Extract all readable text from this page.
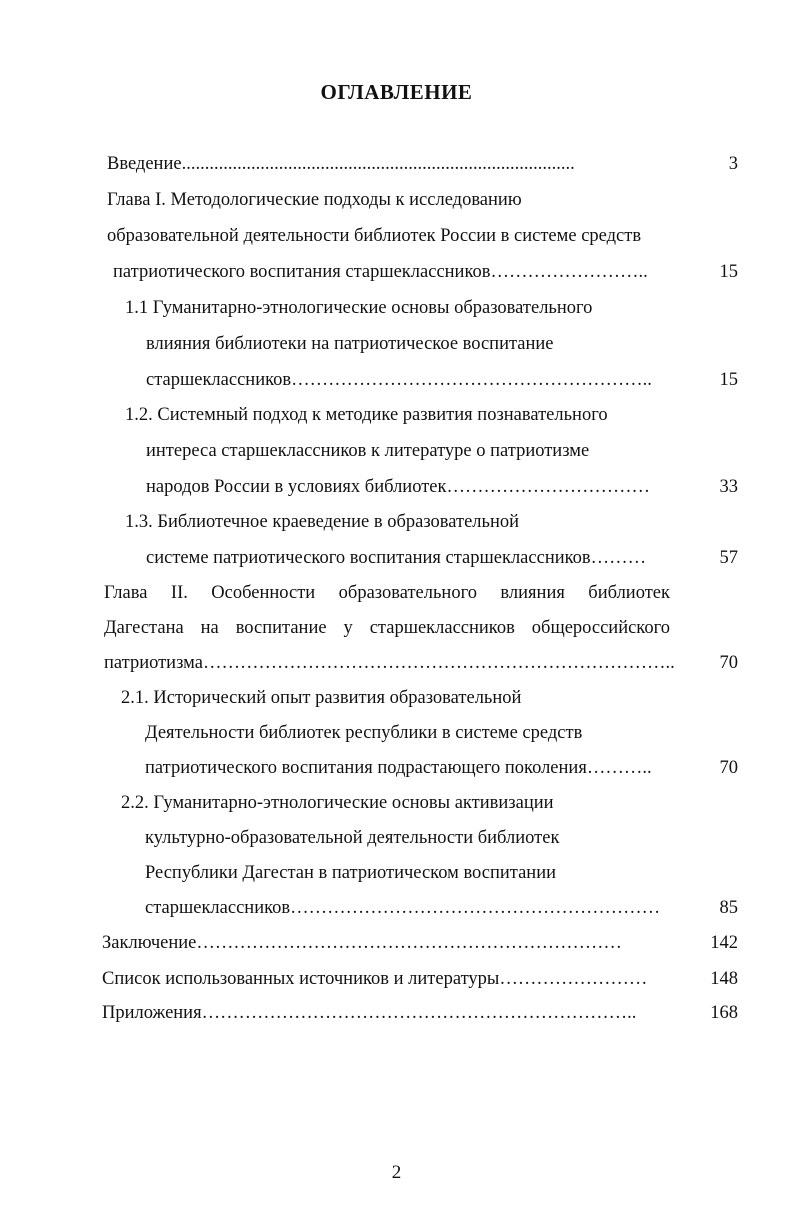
ОГЛАВЛЕНИЕ
Введение.....................................................................................	3
Глава I. Методологические подходы к исследованию
образовательной деятельности библиотек России в системе средств
патриотического воспитания старшеклассников……………………..	15
1.1 Гуманитарно-этнологические основы образовательного
влияния библиотеки на патриотическое воспитание
старшеклассников…………………………………………………..	15
1.2. Системный подход к методике развития познавательного
интереса старшеклассников к литературе о патриотизме
народов России в условиях библиотек……………………………	33
1.3. Библиотечное краеведение в образовательной
системе патриотического воспитания старшеклассников………	57
Глава II. Особенности образовательного влияния библиотек
Дагестана на воспитание у старшеклассников общероссийского
патриотизма………………………………………………………………….. 70
2.1. Исторический опыт развития образовательной
Деятельности библиотек республики в системе средств
патриотического воспитания подрастающего поколения………..	70
2.2. Гуманитарно-этнологические основы активизации
культурно-образовательной деятельности библиотек
Республики Дагестан в патриотическом воспитании
старшеклассников……………………………………………………	85
Заключение……………………………………………………………	142
Список использованных источников и литературы……………………	148
Приложения……………………………………………………………..	168
2
